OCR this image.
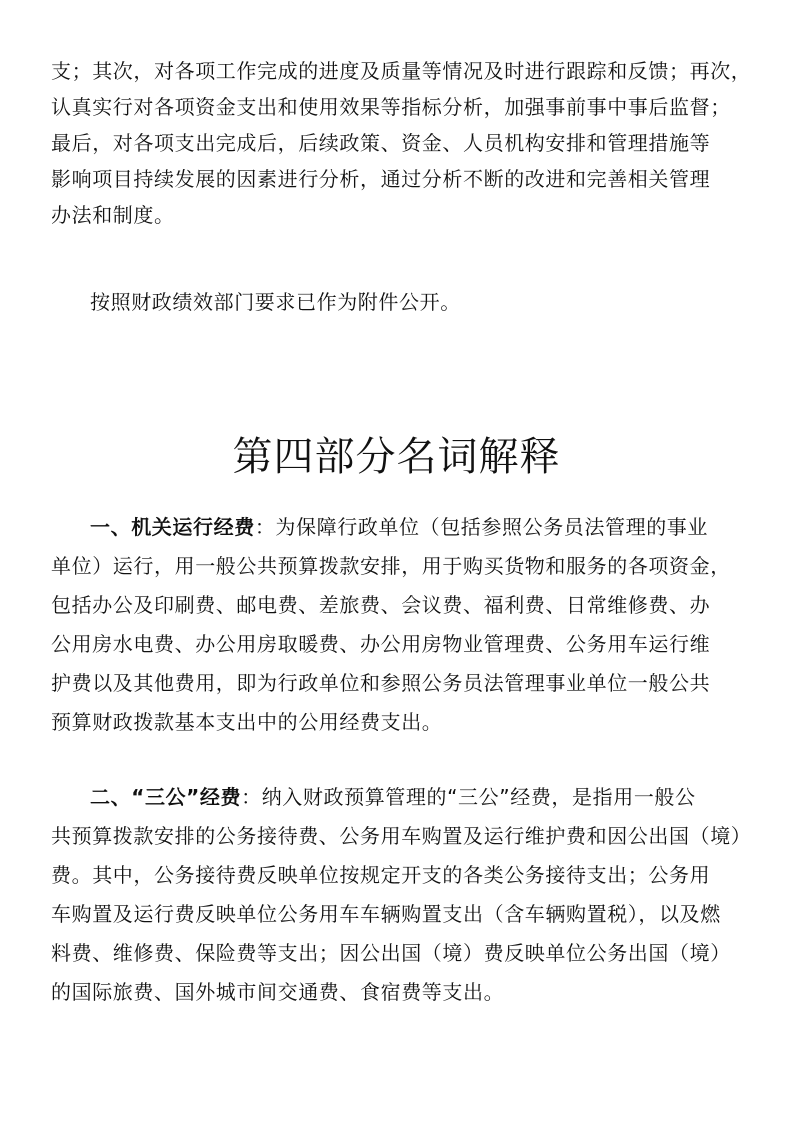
支；其次，对各项工作完成的进度及质量等情况及时进行跟踪和反馈；再次，
认真实行对各项资金支出和使用效果等指标分析，加强事前事中事后监督；
最后，对各项支出完成后，后续政策、资金、人员机构安排和管理措施等
影响项目持续发展的因素进行分析，通过分析不断的改进和完善相关管理
办法和制度。
按照财政绩效部门要求已作为附件公开。
第四部分名词解释
一、机关运行经费：为保障行政单位（包括参照公务员法管理的事业
单位）运行，用一般公共预算拨款安排，用于购买货物和服务的各项资金，
包括办公及印刷费、邮电费、差旅费、会议费、福利费、日常维修费、办
公用房水电费、办公用房取暖费、办公用房物业管理费、公务用车运行维
护费以及其他费用，即为行政单位和参照公务员法管理事业单位一般公共
预算财政拨款基本支出中的公用经费支出。
二、“三公”经费：纳入财政预算管理的“三公”经费，是指用一般公
共预算拨款安排的公务接待费、公务用车购置及运行维护费和因公出国（境）
费。其中，公务接待费反映单位按规定开支的各类公务接待支出；公务用
车购置及运行费反映单位公务用车车辆购置支出（含车辆购置税），以及燃
料费、维修费、保险费等支出；因公出国（境）费反映单位公务出国（境）
的国际旅费、国外城市间交通费、食宿费等支出。
